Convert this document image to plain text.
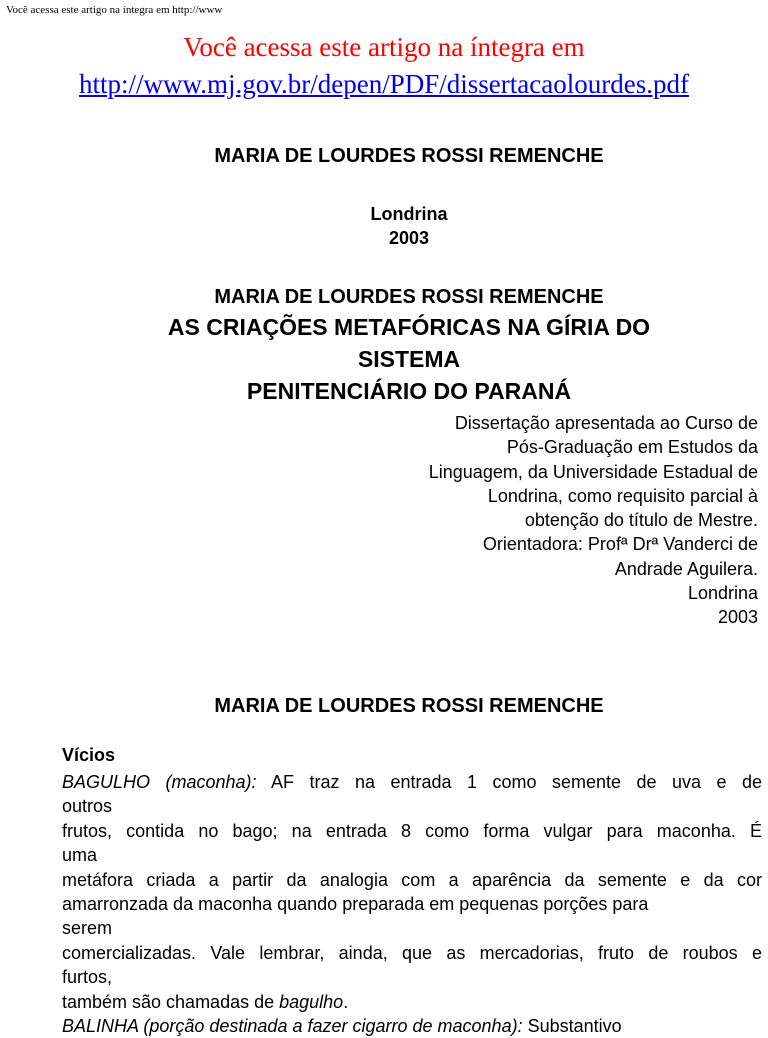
Você acessa este artigo na íntegra em http://www
Você acessa este artigo na íntegra em
http://www.mj.gov.br/depen/PDF/dissertacaolourdes.pdf
MARIA DE LOURDES ROSSI REMENCHE
Londrina
2003
MARIA DE LOURDES ROSSI REMENCHE
AS CRIAÇÕES METAFÓRICAS NA GÍRIA DO
SISTEMA
PENITENCIÁRIO DO PARANÁ
Dissertação apresentada ao Curso de
Pós-Graduação em Estudos da
Linguagem, da Universidade Estadual de
Londrina, como requisito parcial à
obtenção do título de Mestre.
Orientadora: Profª Drª Vanderci de
Andrade Aguilera.
Londrina
2003
MARIA DE LOURDES ROSSI REMENCHE
Vícios
BAGULHO (maconha): AF traz na entrada 1 como semente de uva e de
outros
frutos, contida no bago; na entrada 8 como forma vulgar para maconha. É
uma
metáfora criada a partir da analogia com a aparência da semente e da cor
amarronzada da maconha quando preparada em pequenas porções para
serem
comercializadas. Vale lembrar, ainda, que as mercadorias, fruto de roubos e
furtos,
também são chamadas de bagulho.
BALINHA (porção destinada a fazer cigarro de maconha): Substantivo
